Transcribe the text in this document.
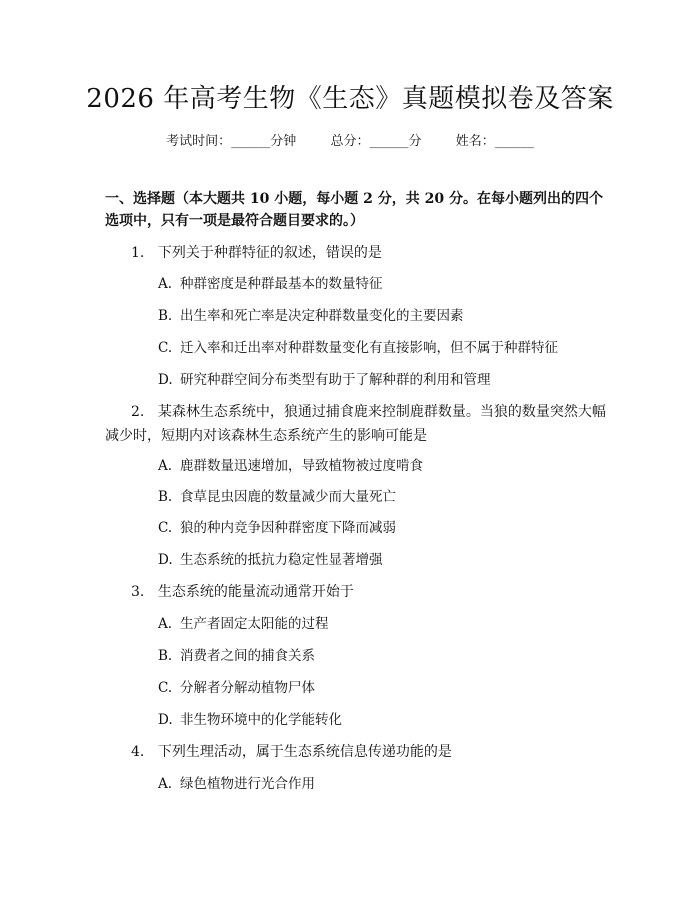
2026 年高考生物《生态》真题模拟卷及答案
考试时间：______分钟	总分：______分	姓名：______
一、选择题（本大题共 10 小题，每小题 2 分，共 20 分。在每小题列出的四个选项中，只有一项是最符合题目要求的。）
1. 下列关于种群特征的叙述，错误的是
A. 种群密度是种群最基本的数量特征
B. 出生率和死亡率是决定种群数量变化的主要因素
C. 迁入率和迁出率对种群数量变化有直接影响，但不属于种群特征
D. 研究种群空间分布类型有助于了解种群的利用和管理
2. 某森林生态系统中，狼通过捕食鹿来控制鹿群数量。当狼的数量突然大幅减少时，短期内对该森林生态系统产生的影响可能是
A. 鹿群数量迅速增加，导致植物被过度啃食
B. 食草昆虫因鹿的数量减少而大量死亡
C. 狼的种内竞争因种群密度下降而减弱
D. 生态系统的抵抗力稳定性显著增强
3. 生态系统的能量流动通常开始于
A. 生产者固定太阳能的过程
B. 消费者之间的捕食关系
C. 分解者分解动植物尸体
D. 非生物环境中的化学能转化
4. 下列生理活动，属于生态系统信息传递功能的是
A. 绿色植物进行光合作用
